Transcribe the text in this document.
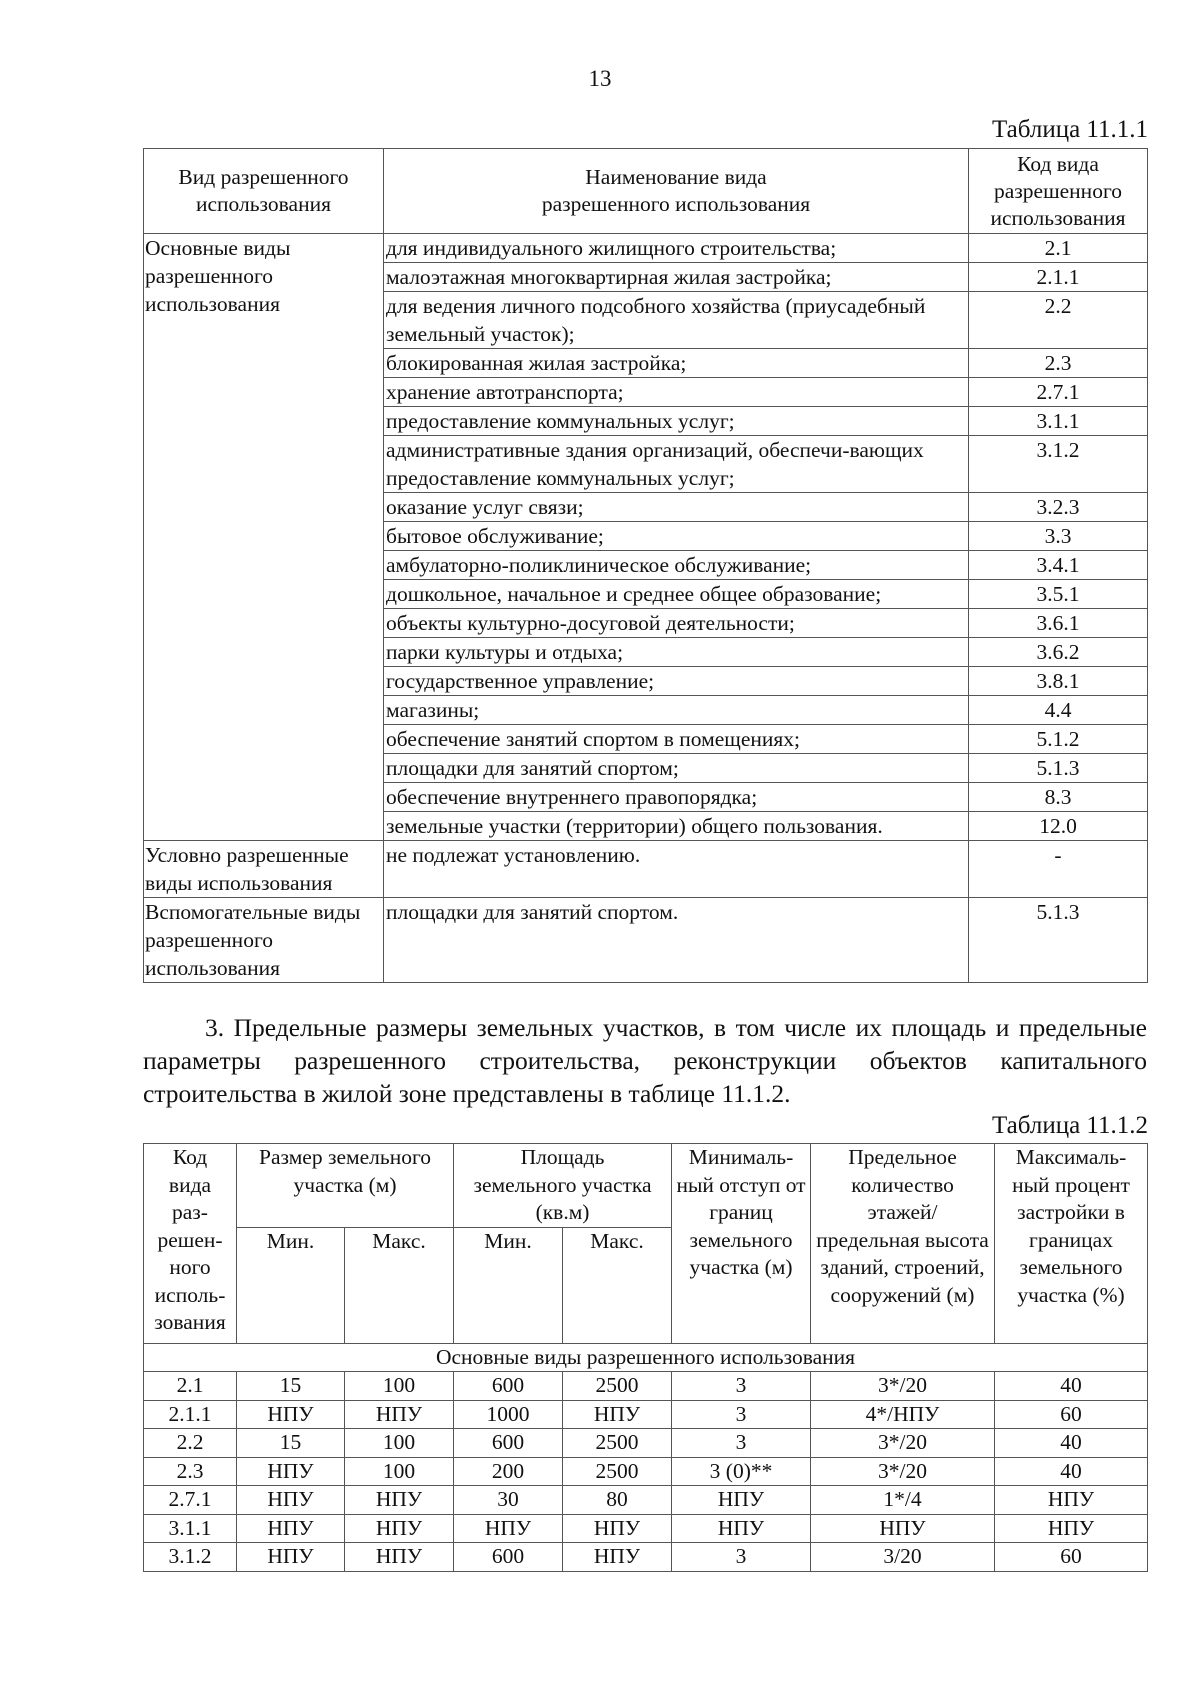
13
Таблица 11.1.1
Вид разрешенного использования	Наименование вида разрешенного использования	Код вида разрешенного использования
Основные виды разрешенного использования	для индивидуального жилищного строительства;	2.1
	малоэтажная многоквартирная жилая застройка;	2.1.1
	для ведения личного подсобного хозяйства (приусадебный земельный участок);	2.2
	блокированная жилая застройка;	2.3
	хранение автотранспорта;	2.7.1
	предоставление коммунальных услуг;	3.1.1
	административные здания организаций, обеспечи-вающих предоставление коммунальных услуг;	3.1.2
	оказание услуг связи;	3.2.3
	бытовое обслуживание;	3.3
	амбулаторно-поликлиническое обслуживание;	3.4.1
	дошкольное, начальное и среднее общее образование;	3.5.1
	объекты культурно-досуговой деятельности;	3.6.1
	парки культуры и отдыха;	3.6.2
	государственное управление;	3.8.1
	магазины;	4.4
	обеспечение занятий спортом в помещениях;	5.1.2
	площадки для занятий спортом;	5.1.3
	обеспечение внутреннего правопорядка;	8.3
	земельные участки (территории) общего пользования.	12.0
Условно разрешенные виды использования	не подлежат установлению.	-
Вспомогательные виды разрешенного использования	площадки для занятий спортом.	5.1.3
3. Предельные размеры земельных участков, в том числе их площадь и предельные параметры разрешенного строительства, реконструкции объектов капитального строительства в жилой зоне представлены в таблице 11.1.2.
Таблица 11.1.2
Код вида раз-решен-ного исполь-зования	Размер земельного участка (м)		Площадь земельного участка (кв.м)		Минималь-ный отступ от границ земельного участка (м)	Предельное количество этажей/ предельная высота зданий, строений, сооружений (м)	Максималь-ный процент застройки в границах земельного участка (%)
	Мин.	Макс.	Мин.	Макс.			
Основные виды разрешенного использования							
2.1	15	100	600	2500	3	3*/20	40
2.1.1	НПУ	НПУ	1000	НПУ	3	4*/НПУ	60
2.2	15	100	600	2500	3	3*/20	40
2.3	НПУ	100	200	2500	3 (0)**	3*/20	40
2.7.1	НПУ	НПУ	30	80	НПУ	1*/4	НПУ
3.1.1	НПУ	НПУ	НПУ	НПУ	НПУ	НПУ	НПУ
3.1.2	НПУ	НПУ	600	НПУ	3	3/20	60
